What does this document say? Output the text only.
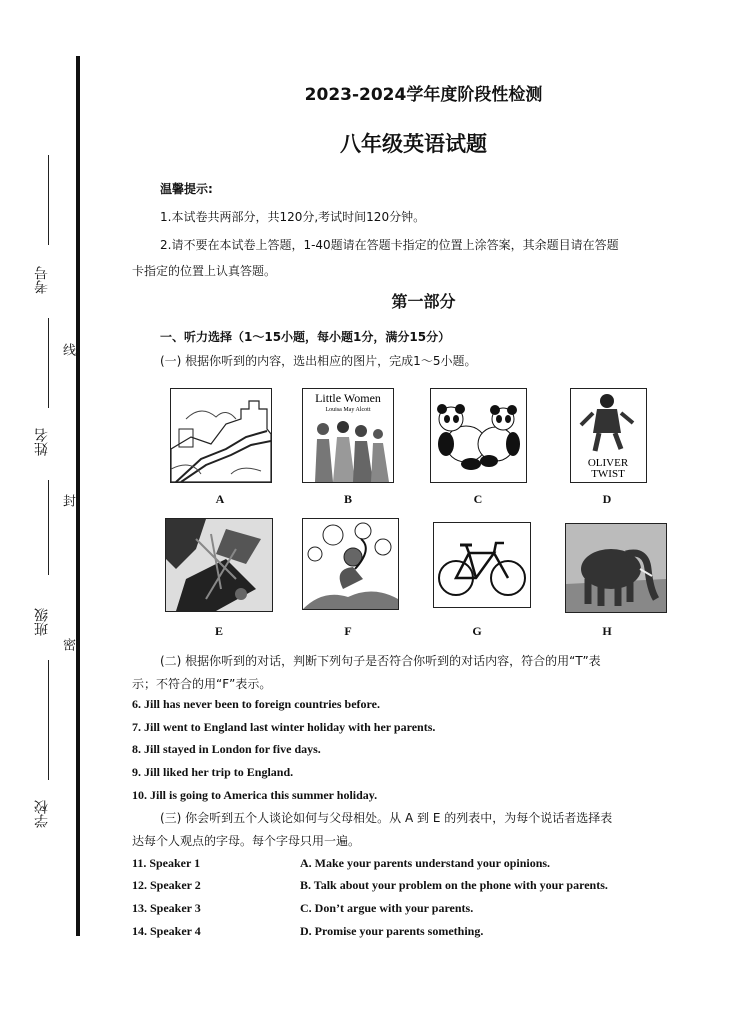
考号
姓名
班级
学校
线
封
密
2023-2024学年度阶段性检测
八年级英语试题
温馨提示:
1.本试卷共两部分，共120分,考试时间120分钟。
2.请不要在本试卷上答题，1-40题请在答题卡指定的位置上涂答案，其余题目请在答题
卡指定的位置上认真答题。
第一部分
一、听力选择（1～15小题，每小题1分，满分15分）
(一) 根据你听到的内容，选出相应的图片，完成1～5小题。
Little Women
Louisa May Alcott
OLIVER
TWIST
A	B	C	D
E	F	G	H
(二) 根据你听到的对话，判断下列句子是否符合你听到的对话内容，符合的用“T”表
示；不符合的用“F”表示。
6. Jill has never been to foreign countries before.
7. Jill went to England last winter holiday with her parents.
8. Jill stayed in London for five days.
9. Jill liked her trip to England.
10. Jill is going to America this summer holiday.
(三) 你会听到五个人谈论如何与父母相处。从 A 到 E 的列表中，为每个说话者选择表
达每个人观点的字母。每个字母只用一遍。
11. Speaker 1	A. Make your parents understand your opinions.
12. Speaker 2	B. Talk about your problem on the phone with your parents.
13. Speaker 3	C. Don’t argue with your parents.
14. Speaker 4	D. Promise your parents something.
